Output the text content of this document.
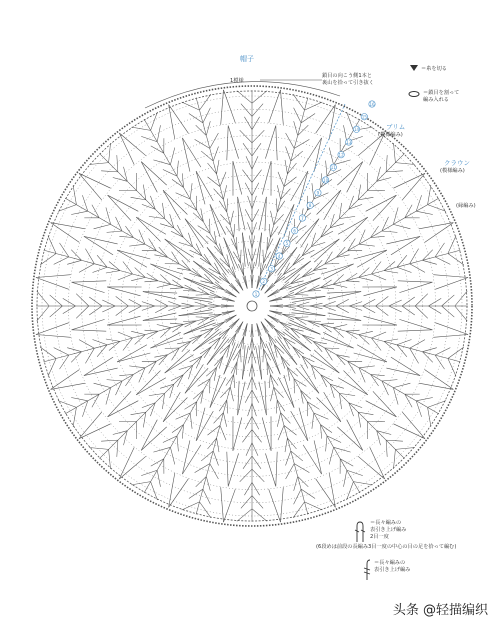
16
15
14
13
12
11
10
9
8
7
6
5
4
3
2
1
帽子
1模様
鎖目の向こう側1本と
裏山を拾って引き抜く
＝糸を切る
＝鎖目を割って
編み入れる
ブリム
(模様編み)
クラウン
(模様編み)
(縁編み)
＝長々編みの
表引き上げ編み
2目一度
(6段めは前段の長編み3目一度の中心の目の足を拾って編む)
＝長々編みの
表引き上げ編み
头条 @轻描编织
